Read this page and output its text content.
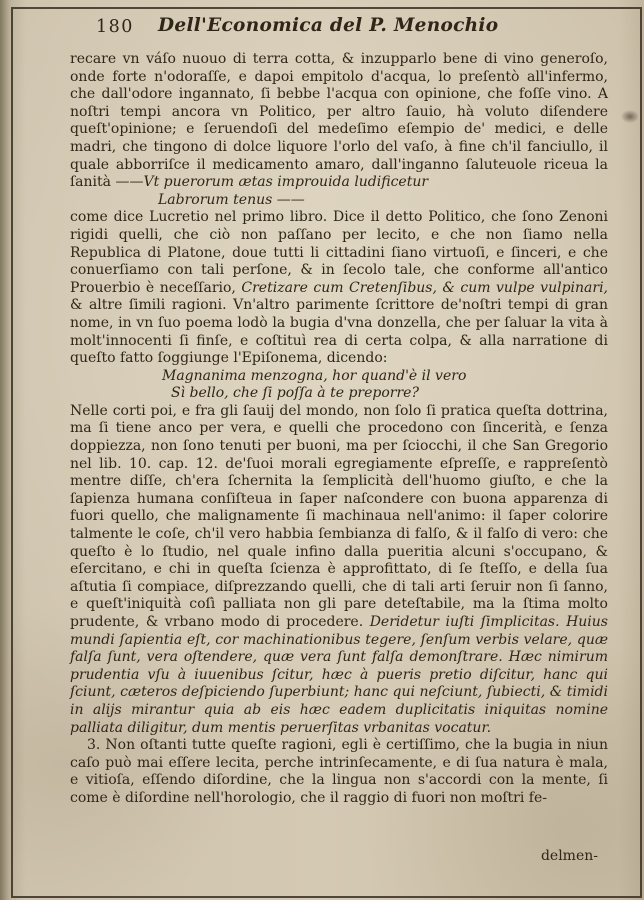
180 Dell'Economica del P. Menochio

recare vn váſo nuouo di terra cotta, & inzupparlo bene di vino generoſo, onde forte n'odoraſſe, e dapoi empitolo d'acqua, lo preſentò all'infermo, che dall'odore ingannato, ſi bebbe l'acqua con opinione, che foſſe vino. A noſtri tempi ancora vn Politico, per altro ſauio, hà voluto diſendere queſt'opinione; e ſeruendoſi del medeſimo eſempio de' medici, e delle madri, che tingono di dolce liquore l'orlo del vaſo, à fine ch'il fanciullo, il quale abborriſce il medicamento amaro, dall'inganno ſaluteuole riceua la ſanità ——Vt puerorum ætas improuida ludificetur

Labrorum tenus ——

come dice Lucretio nel primo libro. Dice il detto Politico, che ſono Zenoni rigidi quelli, che ciò non paſſano per lecito, e che non ſiamo nella Republica di Platone, doue tutti li cittadini ſiano virtuoſi, e ſinceri, e che conuerſiamo con tali perſone, & in ſecolo tale, che conforme all'antico Prouerbio è neceſſario, Cretizare cum Cretenſibus, & cum vulpe vulpinari, & altre ſimili ragioni. Vn'altro parimente ſcrittore de'noſtri tempi di gran nome, in vn ſuo poema lodò la bugia d'vna donzella, che per ſaluar la vita à molt'innocenti ſi finſe, e coſtituì rea di certa colpa, & alla narratione di queſto fatto ſoggiunge l'Epiſonema, dicendo:

Magnanima menzogna, hor quand'è il vero
Sì bello, che ſi poſſa à te preporre?

Nelle corti poi, e fra gli ſauij del mondo, non ſolo ſi pratica queſta dottrina, ma ſi tiene anco per vera, e quelli che procedono con ſincerità, e ſenza doppiezza, non ſono tenuti per buoni, ma per ſciocchi, il che San Gregorio nel lib. 10. cap. 12. de'ſuoi morali egregiamente eſpreſſe, e rappreſentò mentre diſſe, ch'era ſchernita la ſemplicità dell'huomo giuſto, e che la ſapienza humana conſiſteua in ſaper naſcondere con buona apparenza di fuori quello, che malignamente ſi machinaua nell'animo: il ſaper colorire talmente le coſe, ch'il vero habbia ſembianza di falſo, & il falſo di vero: che queſto è lo ſtudio, nel quale infino dalla pueritia alcuni s'occupano, & eſercitano, e chi in queſta ſcienza è approfittato, di ſe ſteſſo, e della ſua aſtutia ſi compiace, diſprezzando quelli, che di tali arti ſeruir non ſi ſanno, e queſt'iniquità coſì palliata non gli pare deteſtabile, ma la ſtima molto prudente, & vrbano modo di procedere. Deridetur iuſti ſimplicitas. Huius mundi ſapientia eſt, cor machinationibus tegere, ſenſum verbis velare, quæ falſa ſunt, vera oſtendere, quæ vera ſunt falſa demonſtrare. Hæc nimirum prudentia vſu à iuuenibus ſcitur, hæc à pueris pretio diſcitur, hanc qui ſciunt, cæteros deſpiciendo ſuperbiunt; hanc qui neſciunt, ſubiecti, & timidi in alijs mirantur quia ab eis hæc eadem duplicitatis iniquitas nomine palliata diligitur, dum mentis peruerſitas vrbanitas vocatur.

3. Non oſtanti tutte queſte ragioni, egli è certiſſimo, che la bugia in niun caſo può mai eſſere lecita, perche intrinſecamente, e di ſua natura è mala, e vitioſa, eſſendo diſordine, che la lingua non s'accordi con la mente, ſi come è diſordine nell'horologio, che il raggio di fuori non moſtri fe-

delmen-
